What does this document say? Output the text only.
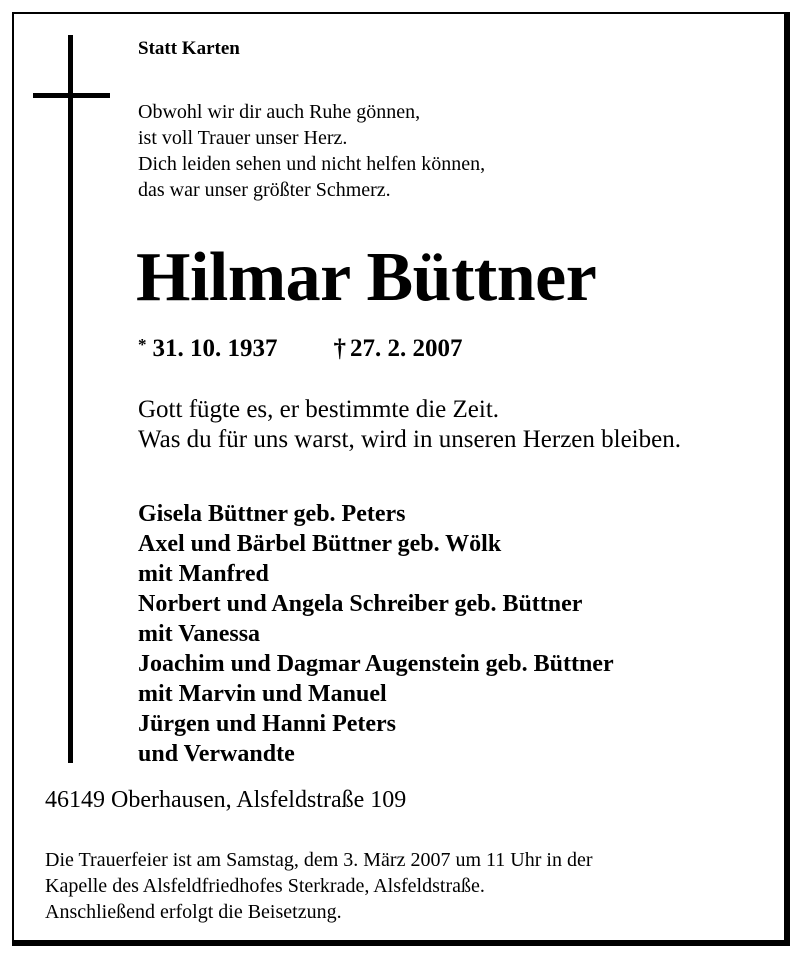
Statt Karten
Obwohl wir dir auch Ruhe gönnen,
ist voll Trauer unser Herz.
Dich leiden sehen und nicht helfen können,
das war unser größter Schmerz.
Hilmar Büttner
* 31. 10. 1937 † 27. 2. 2007
Gott fügte es, er bestimmte die Zeit.
Was du für uns warst, wird in unseren Herzen bleiben.
Gisela Büttner geb. Peters
Axel und Bärbel Büttner geb. Wölk
mit Manfred
Norbert und Angela Schreiber geb. Büttner
mit Vanessa
Joachim und Dagmar Augenstein geb. Büttner
mit Marvin und Manuel
Jürgen und Hanni Peters
und Verwandte
46149 Oberhausen, Alsfeldstraße 109
Die Trauerfeier ist am Samstag, dem 3. März 2007 um 11 Uhr in der
Kapelle des Alsfeldfriedhofes Sterkrade, Alsfeldstraße.
Anschließend erfolgt die Beisetzung.
